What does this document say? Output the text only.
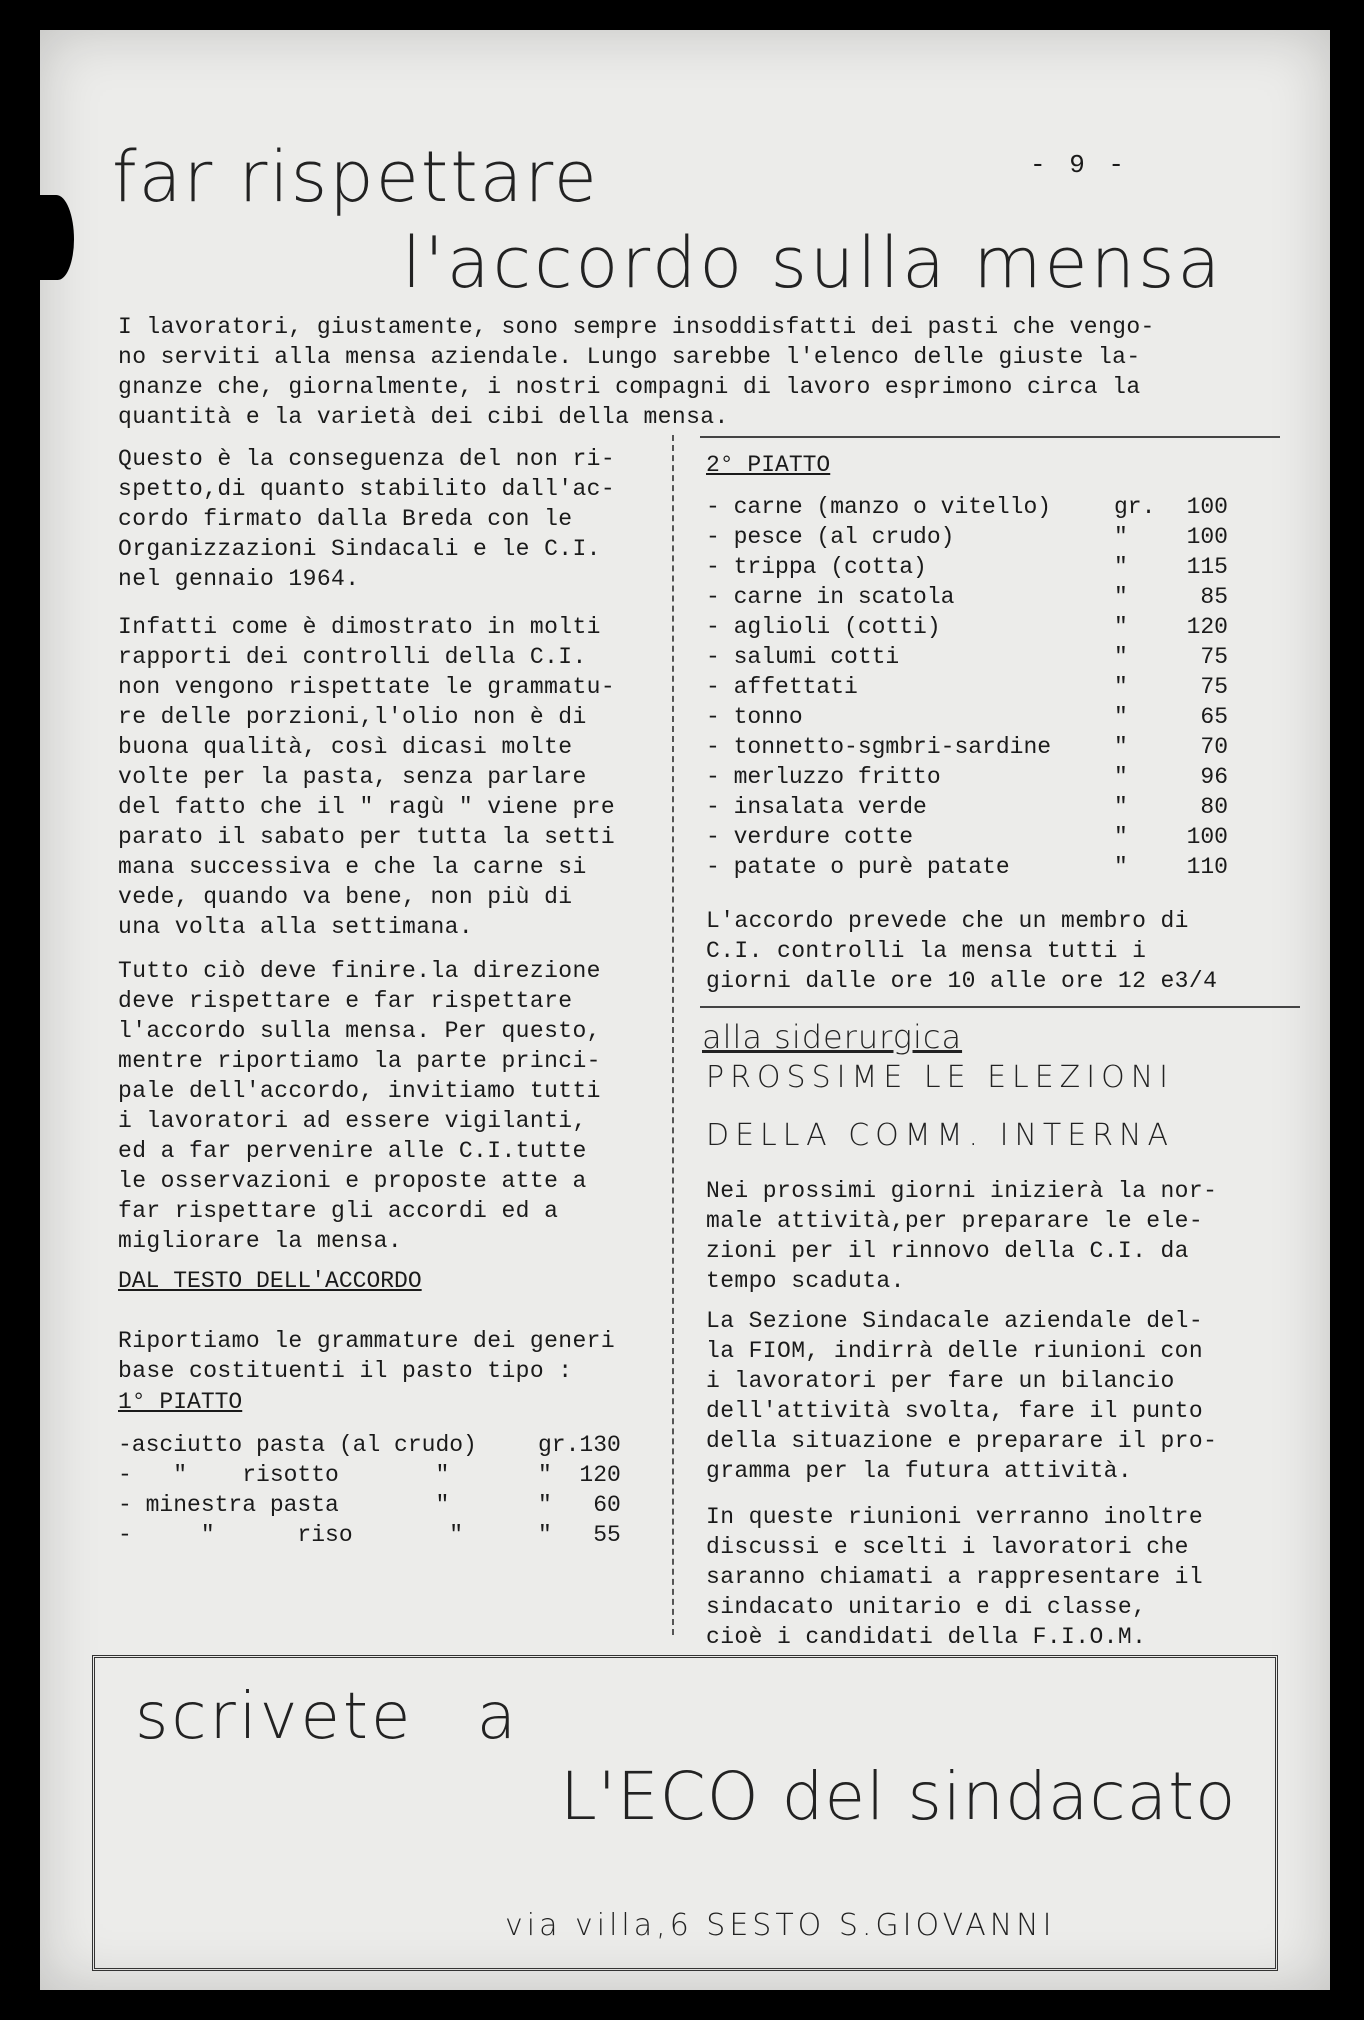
- 9 -
far rispettare
l'accordo sulla mensa

I lavoratori, giustamente, sono sempre insoddisfatti dei pasti che vengo-
no serviti alla mensa aziendale. Lungo sarebbe l'elenco delle giuste la-
gnanze che, giornalmente, i nostri compagni di lavoro esprimono circa la
quantità e la varietà dei cibi della mensa.

Questo è la conseguenza del non ri-
spetto,di quanto stabilito dall'ac-
cordo firmato dalla Breda con le
Organizzazioni Sindacali e le C.I.
nel gennaio 1964.

Infatti come è dimostrato in molti
rapporti dei controlli della C.I.
non vengono rispettate le grammatu-
re delle porzioni,l'olio non è di
buona qualità, così dicasi molte
volte per la pasta, senza parlare
del fatto che il " ragù " viene pre
parato il sabato per tutta la setti
mana successiva e che la carne si
vede, quando va bene, non più di
una volta alla settimana.

Tutto ciò deve finire.la direzione
deve rispettare e far rispettare
l'accordo sulla mensa. Per questo,
mentre riportiamo la parte princi-
pale dell'accordo, invitiamo tutti
i lavoratori ad essere vigilanti,
ed a far pervenire alle C.I.tutte
le osservazioni e proposte atte a
far rispettare gli accordi ed a
migliorare la mensa.

DAL TESTO DELL'ACCORDO

Riportiamo le grammature dei generi
base costituenti il pasto tipo :

1° PIATTO
-asciutto pasta (al crudo)	gr.	130
-   "    risotto       "	"	120
- minestra pasta       "	"	60
-     "      riso       "	"	55
2° PIATTO
- carne (manzo o vitello)	gr.	100
- pesce (al crudo)	"	100
- trippa (cotta)	"	115
- carne in scatola	"	85
- aglioli (cotti)	"	120
- salumi cotti	"	75
- affettati	"	75
- tonno	"	65
- tonnetto-sgmbri-sardine	"	70
- merluzzo fritto	"	96
- insalata verde	"	80
- verdure cotte	"	100
- patate o purè patate	"	110

L'accordo prevede che un membro di
C.I. controlli la mensa tutti i
giorni dalle ore 10 alle ore 12 e3/4

alla siderurgica
PROSSIME LE ELEZIONI
DELLA COMM. INTERNA

Nei prossimi giorni inizierà la nor-
male attività,per preparare le ele-
zioni per il rinnovo della C.I. da
tempo scaduta.

La Sezione Sindacale aziendale del-
la FIOM, indirrà delle riunioni con
i lavoratori per fare un bilancio
dell'attività svolta, fare il punto
della situazione e preparare il pro-
gramma per la futura attività.

In queste riunioni verranno inoltre
discussi e scelti i lavoratori che
saranno chiamati a rappresentare il
sindacato unitario e di classe,
cioè i candidati della F.I.O.M.

scrivete a
L'ECO del sindacato
via villa,6 SESTO S.GIOVANNI
